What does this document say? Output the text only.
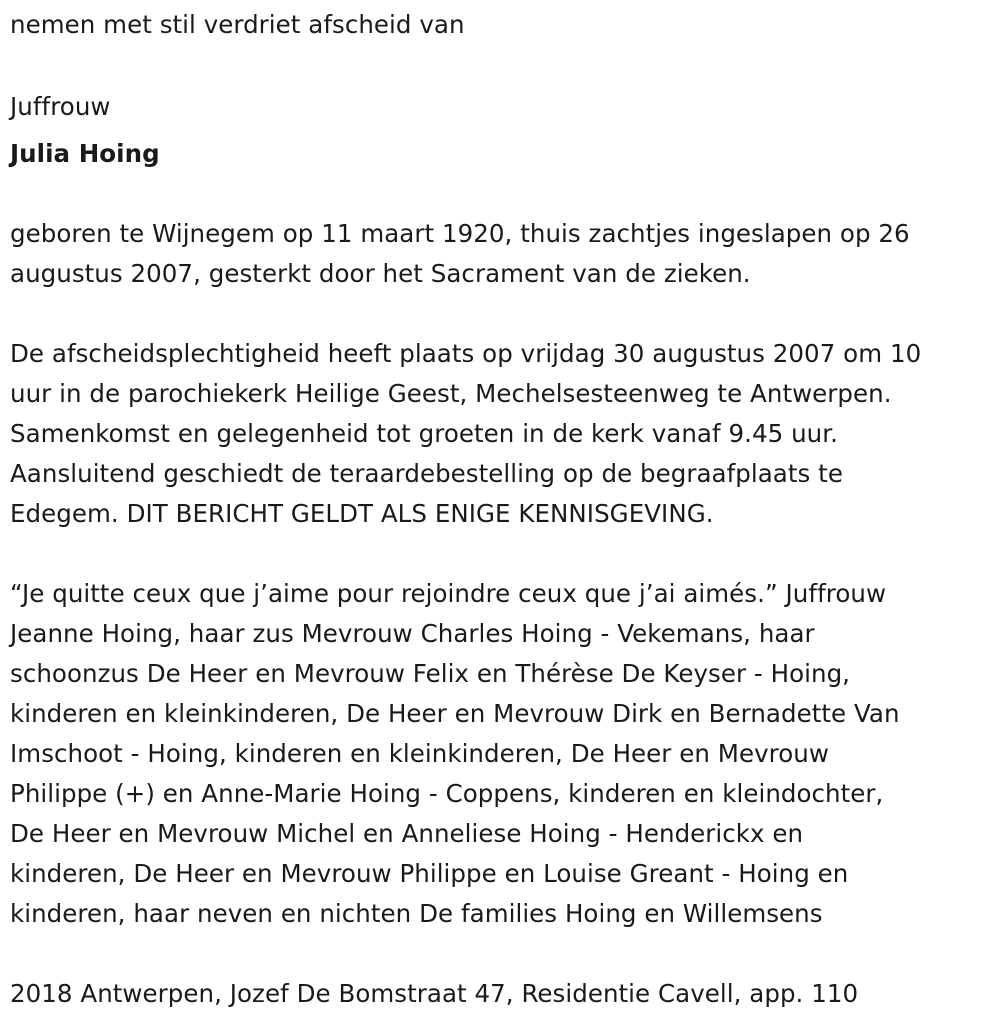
nemen met stil verdriet afscheid van
Juffrouw
Julia Hoing
geboren te Wijnegem op 11 maart 1920, thuis zachtjes ingeslapen op 26
augustus 2007, gesterkt door het Sacrament van de zieken.
De afscheidsplechtigheid heeft plaats op vrijdag 30 augustus 2007 om 10
uur in de parochiekerk Heilige Geest, Mechelsesteenweg te Antwerpen.
Samenkomst en gelegenheid tot groeten in de kerk vanaf 9.45 uur.
Aansluitend geschiedt de teraardebestelling op de begraafplaats te
Edegem. DIT BERICHT GELDT ALS ENIGE KENNISGEVING.
“Je quitte ceux que j’aime pour rejoindre ceux que j’ai aimés.” Juffrouw
Jeanne Hoing, haar zus Mevrouw Charles Hoing - Vekemans, haar
schoonzus De Heer en Mevrouw Felix en Thérèse De Keyser - Hoing,
kinderen en kleinkinderen, De Heer en Mevrouw Dirk en Bernadette Van
Imschoot - Hoing, kinderen en kleinkinderen, De Heer en Mevrouw
Philippe (+) en Anne-Marie Hoing - Coppens, kinderen en kleindochter,
De Heer en Mevrouw Michel en Anneliese Hoing - Henderickx en
kinderen, De Heer en Mevrouw Philippe en Louise Greant - Hoing en
kinderen, haar neven en nichten De families Hoing en Willemsens
2018 Antwerpen, Jozef De Bomstraat 47, Residentie Cavell, app. 110
